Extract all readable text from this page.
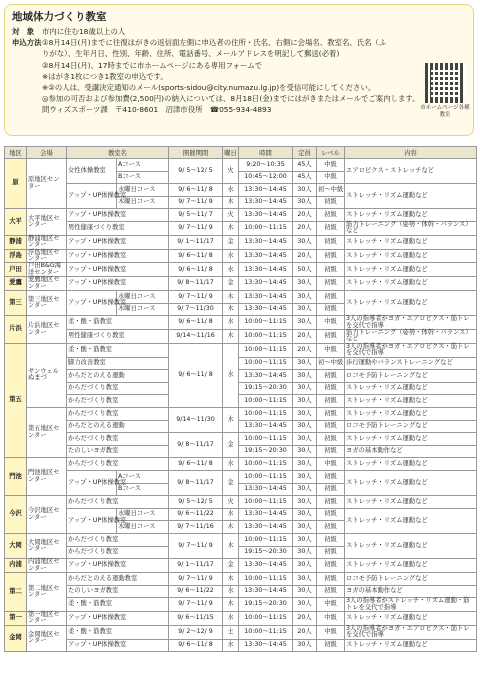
地域体力づくり教室
対　象 市内に住む18歳以上の人
申込方法①8月14日(月)までに往復はがきの返信面左側に申込者の住所・氏名、右側に会場名、教室名、氏名（ふ
りがな）、生年月日、性別、年齢、住所、電話番号、メールアドレスを明記して郵送(必着)
②8月14日(月)、17時までに市ホームページにある専用フォームで
※はがき1枚につき1教室の申込です。
※②の人は、受講決定通知のメール(sports-sidou@city.numazu.lg.jp)を受信可能にしてください。
◎参加の可否および参加費(2,500円)の納入については、8月18日(金)までにはがきまたはメールでご案内します。
問ウィズスポーツ課　〒410-8601　沼津市役所　☎055-934-4893	市ホームページ各種教室
地区	会場	教室名		開催期間	曜日	時間	定員	レベル	内容
原	原地区センター	女性体操教室	Aコース	9/ 5～12/ 5	火	9:20～10:35	45人	中級	エアロビクス・ストレッチなど
			Bコース			10:45～12:00	45人	中級	
		アップ・UP体操教室	水曜日コース	9/ 6～11/ 8	水	13:30～14:45	30人	初～中級	ストレッチ・リズム運動など
			木曜日コース	9/ 7～11/ 9	木	13:30～14:45	30人	初級	
大平	大平地区センター	アップ・UP体操教室		9/ 5～11/ 7	火	13:30～14:45	20人	初級	ストレッチ・リズム運動など
		男性健康づくり教室		9/ 7～11/ 9	木	10:00～11:15	20人	初級	筋力トレーニング（姿勢・体幹・バランス）など
静浦	静浦地区センター	アップ・UP体操教室		9/ 1～11/17	金	13:30～14:45	30人	初級	ストレッチ・リズム運動など
浮島	浮島地区センター	アップ・UP体操教室		9/ 6～11/ 8	水	13:30～14:45	20人	初級	ストレッチ・リズム運動など
戸田	戸田B&G海洋センター	アップ・UP体操教室		9/ 6～11/ 8	水	13:30～14:45	50人	初級	ストレッチ・リズム運動など
愛鷹	愛鷹地区センター	アップ・UP体操教室		9/ 8～11/17	金	13:30～14:45	30人	初級	ストレッチ・リズム運動など
第三	第三地区センター	アップ・UP体操教室	水曜日コース	9/ 7～11/ 9	木	13:30～14:45	30人	初級	ストレッチ・リズム運動など
			木曜日コース	9/ 7～11/30	木	13:30～14:45	30人	初級	
片浜	片浜地区センター	柔・酸・筋教室		9/ 6～11/ 8	水	10:00～11:15	30人	中級	3人の指導者がヨガ・エアロビクス・筋トレを交代で指導
		男性健康づくり教室		9/14～11/16	木	10:00～11:15	20人	初級	筋力トレーニング（姿勢・体幹・バランス）など
第五	サンウェルぬまづ	柔・酸・筋教室		9/ 6～11/ 8	水	10:00～11:15	20人	中級	3人の指導者がヨガ・エアロビクス・筋トレを交代で指導
		脚力改善教室				10:00～11:15	30人	初～中級	歩行運動やバランストレーニングなど
		からだとのえる運動				13:30～14:45	30人	初級	ロコモ予防トレーニングなど
		からだづくり教室				19:15～20:30	30人	初級	ストレッチ・リズム運動など
		からだづくり教室				10:00～11:15	30人	初級	ストレッチ・リズム運動など
	第五地区センター	からだづくり教室		9/14～11/30	木	10:00～11:15	30人	初級	ストレッチ・リズム運動など
		からだとのえる運動				13:30～14:45	30人	初級	ロコモ予防トレーニングなど
		からだづくり教室		9/ 8～11/17	金	10:00～11:15	30人	初級	ストレッチ・リズム運動など
		たのしいヨガ教室				19:15～20:30	30人	初級	ヨガの基本動作など
門池	門池地区センター	からだづくり教室		9/ 6～11/ 8	水	10:00～11:15	30人	中級	ストレッチ・リズム運動など
		アップ・UP体操教室	Aコース	9/ 8～11/17	金	10:00～11:15	30人	初級	ストレッチ・リズム運動など
			Bコース			13:30～14:45	30人	初級	
今沢	今沢地区センター	からだづくり教室		9/ 5～12/ 5	火	10:00～11:15	30人	初級	ストレッチ・リズム運動など
		アップ・UP体操教室	水曜日コース	9/ 6～11/22	水	13:30～14:45	30人	初級	ストレッチ・リズム運動など
			木曜日コース	9/ 7～11/16	木	13:30～14:45	30人	初級	
大岡	大岡地区センター	からだづくり教室		9/ 7～11/ 9	木	10:00～11:15	30人	初級	ストレッチ・リズム運動など
		からだづくり教室				19:15～20:30	30人	初級	
内浦	内浦地区センター	アップ・UP体操教室		9/ 1～11/17	金	13:30～14:45	30人	初級	ストレッチ・リズム運動など
第二	第二地区センター	からだとのえる運動教室		9/ 7～11/ 9	木	10:00～11:15	30人	初級	ロコモ予防トレーニングなど
		たのしいヨガ教室		9/ 6～11/22	水	13:30～14:45	30人	初級	ヨガの基本動作など
		柔・酸・筋教室		9/ 7～11/ 9	木	19:15～20:30	30人	中級	3人の指導者がストレッチ・リズム運動・筋トレを交代で指導
第一	第一地区センター	アップ・UP体操教室		9/ 6～11/15	水	10:00～11:15	20人	中級	ストレッチ・リズム運動など
金岡	金岡地区センター	柔・酸・筋教室		9/ 2～12/ 9	土	10:00～11:15	20人	中級	3人の指導者がヨガ・エアロビクス・筋トレを交代で指導
		アップ・UP体操教室		9/ 6～11/ 8	水	13:30～14:45	30人	初級	ストレッチ・リズム運動など
